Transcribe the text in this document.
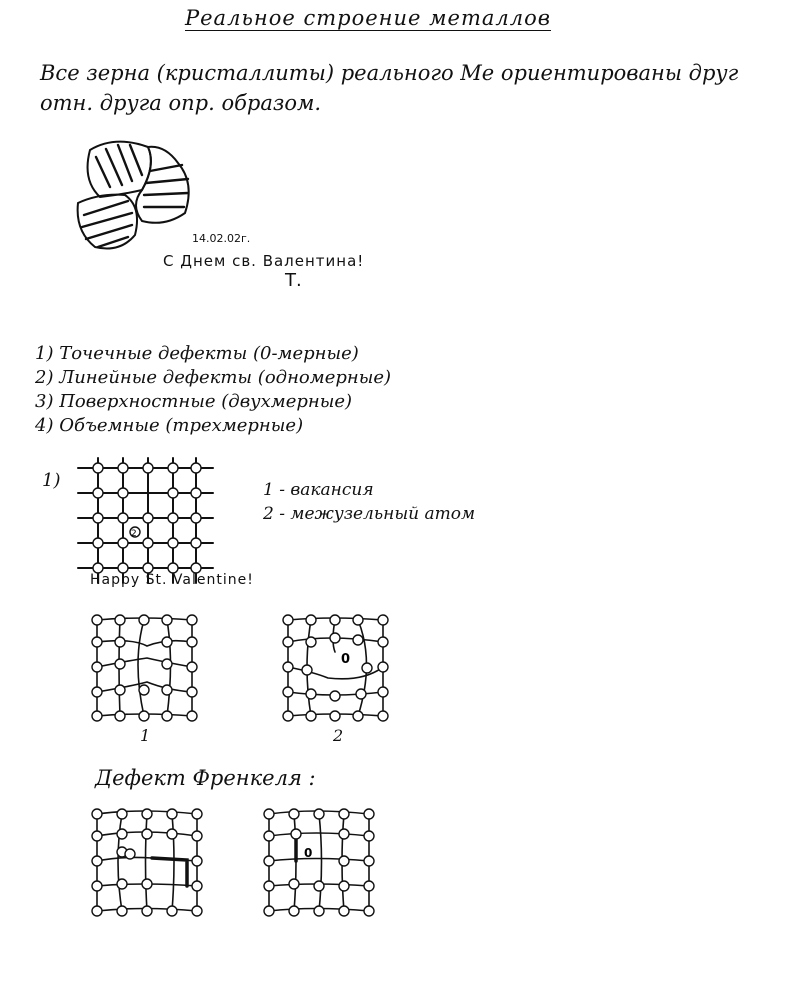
Реальное строение металлов
Все зерна (кристаллиты) реального Ме ориентированы друг отн. друга опр. образом.
14.02.02г.
С Днем св. Валентина!
Т.
1) Точечные дефекты (0-мерные)
2) Линейные дефекты (одномерные)
3) Поверхностные (двухмерные)
4) Объемные (трехмерные)
1)
2
1 - вакансия
2 - межузельный атом
Happy St. Valentine!
1
0
2
Дефект Френкеля :
0
